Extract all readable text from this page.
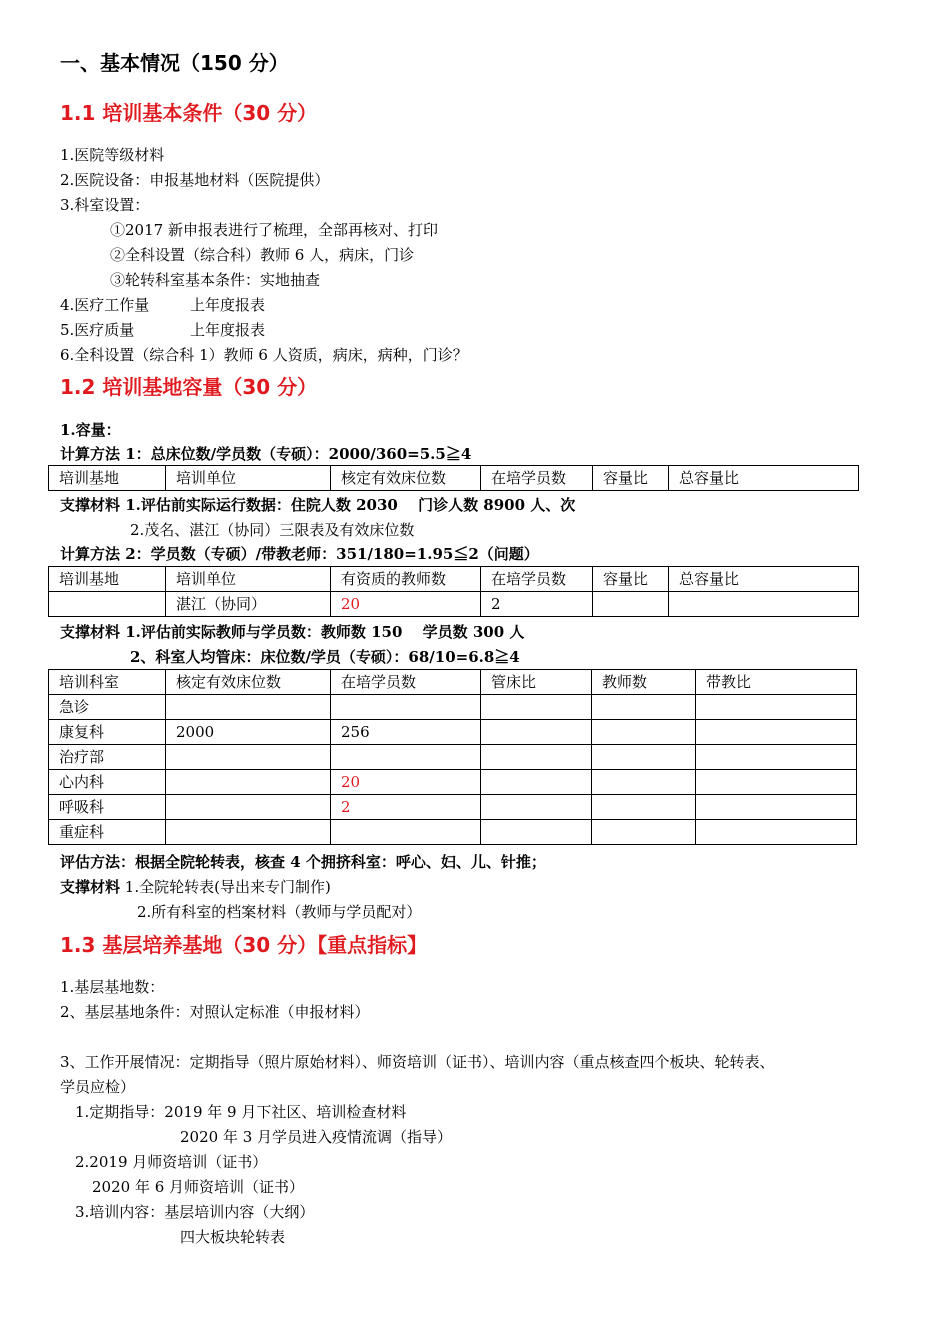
一、基本情况（150 分）
1.1 培训基本条件（30 分）
1.医院等级材料
2.医院设备：申报基地材料（医院提供）
3.科室设置：
①2017 新申报表进行了梳理，全部再核对、打印
②全科设置（综合科）教师 6 人，病床，门诊
③轮转科室基本条件：实地抽查
4.医疗工作量	上年度报表
5.医疗质量	上年度报表
6.全科设置（综合科 1）教师 6 人资质，病床，病种，门诊？
1.2 培训基地容量（30 分）
1.容量：
计算方法 1：总床位数/学员数（专硕）：2000/360=5.5≧4
培训基地	培训单位	核定有效床位数	在培学员数	容量比	总容量比
支撑材料 1.评估前实际运行数据：住院人数 2030　 门诊人数 8900 人、次
2.茂名、湛江（协同）三限表及有效床位数
计算方法 2：学员数（专硕）/带教老师：351/180=1.95≦2（问题）
培训基地	培训单位	有资质的教师数	在培学员数	容量比	总容量比
	湛江（协同）	20	2		
支撑材料 1.评估前实际教师与学员数：教师数 150　 学员数 300 人
2、科室人均管床：床位数/学员（专硕）：68/10=6.8≧4
培训科室	核定有效床位数	在培学员数	管床比	教师数	带教比
急诊					
康复科	2000	256			
治疗部					
心内科		20			
呼吸科		2			
重症科					
评估方法：根据全院轮转表，核查 4 个拥挤科室：呼心、妇、儿、针推；
支撑材料 1.全院轮转表(导出来专门制作)
2.所有科室的档案材料（教师与学员配对）
1.3 基层培养基地（30 分）【重点指标】
1.基层基地数：
2、基层基地条件：对照认定标准（申报材料）
3、工作开展情况：定期指导（照片原始材料）、师资培训（证书）、培训内容（重点核查四个板块、轮转表、
学员应检）
1.定期指导：2019 年 9 月下社区、培训检查材料
2020 年 3 月学员进入疫情流调（指导）
2.2019 月师资培训（证书）
2020 年 6 月师资培训（证书）
3.培训内容：基层培训内容（大纲）
四大板块轮转表
